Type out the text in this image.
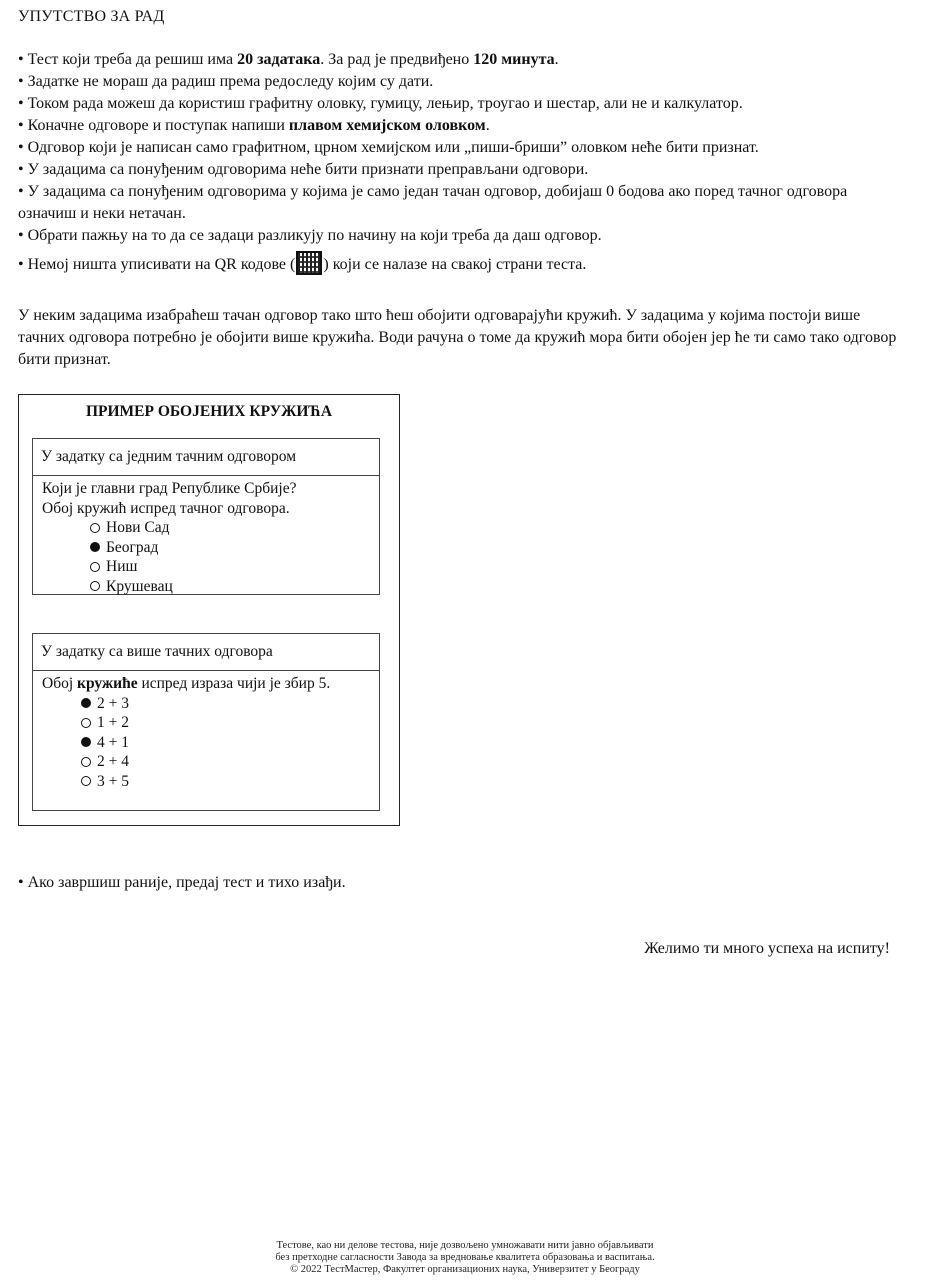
УПУТСТВО ЗА РАД
• Тест који треба да решиш има 20 задатака. За рад је предвиђено 120 минута.
• Задатке не мораш да радиш према редоследу којим су дати.
• Током рада можеш да користиш графитну оловку, гумицу, лењир, троугао и шестар, али не и калкулатор.
• Коначне одговоре и поступак напиши плавом хемијском оловком.
• Одговор који је написан само графитном, црном хемијском или „пиши-бриши” оловком неће бити признат.
• У задацима са понуђеним одговорима неће бити признати преправљани одговори.
• У задацима са понуђеним одговорима у којима је само један тачан одговор, добијаш 0 бодова ако поред тачног одговора означиш и неки нетачан.
• Обрати пажњу на то да се задаци разликују по начину на који треба да даш одговор.
• Немој ништа уписивати на QR кодове ( ) који се налазе на свакој страни теста.

У неким задацима изабраћеш тачан одговор тако што ћеш обојити одговарајући кружић. У задацима у којима постоји више тачних одговора потребно је обојити више кружића. Води рачуна о томе да кружић мора бити обојен јер ће ти само тако одговор бити признат.

ПРИМЕР ОБОЈЕНИХ КРУЖИЋА
У задатку са једним тачним одговором
Који је главни град Републике Србије?
Обој кружић испред тачног одговора.
Нови Сад
Београд
Ниш
Крушевац
У задатку са више тачних одговора
Обој кружиће испред израза чији је збир 5.
2 + 3
1 + 2
4 + 1
2 + 4
3 + 5
• Ако завршиш раније, предај тест и тихо изађи.
Желимо ти много успеха на испиту!
Тестове, као ни делове тестова, није дозвољено умножавати нити јавно објављивати
без претходне сагласности Завода за вредновање квалитета образовања и васпитања.
© 2022 ТестМастер, Факултет организационих наука, Универзитет у Београду
